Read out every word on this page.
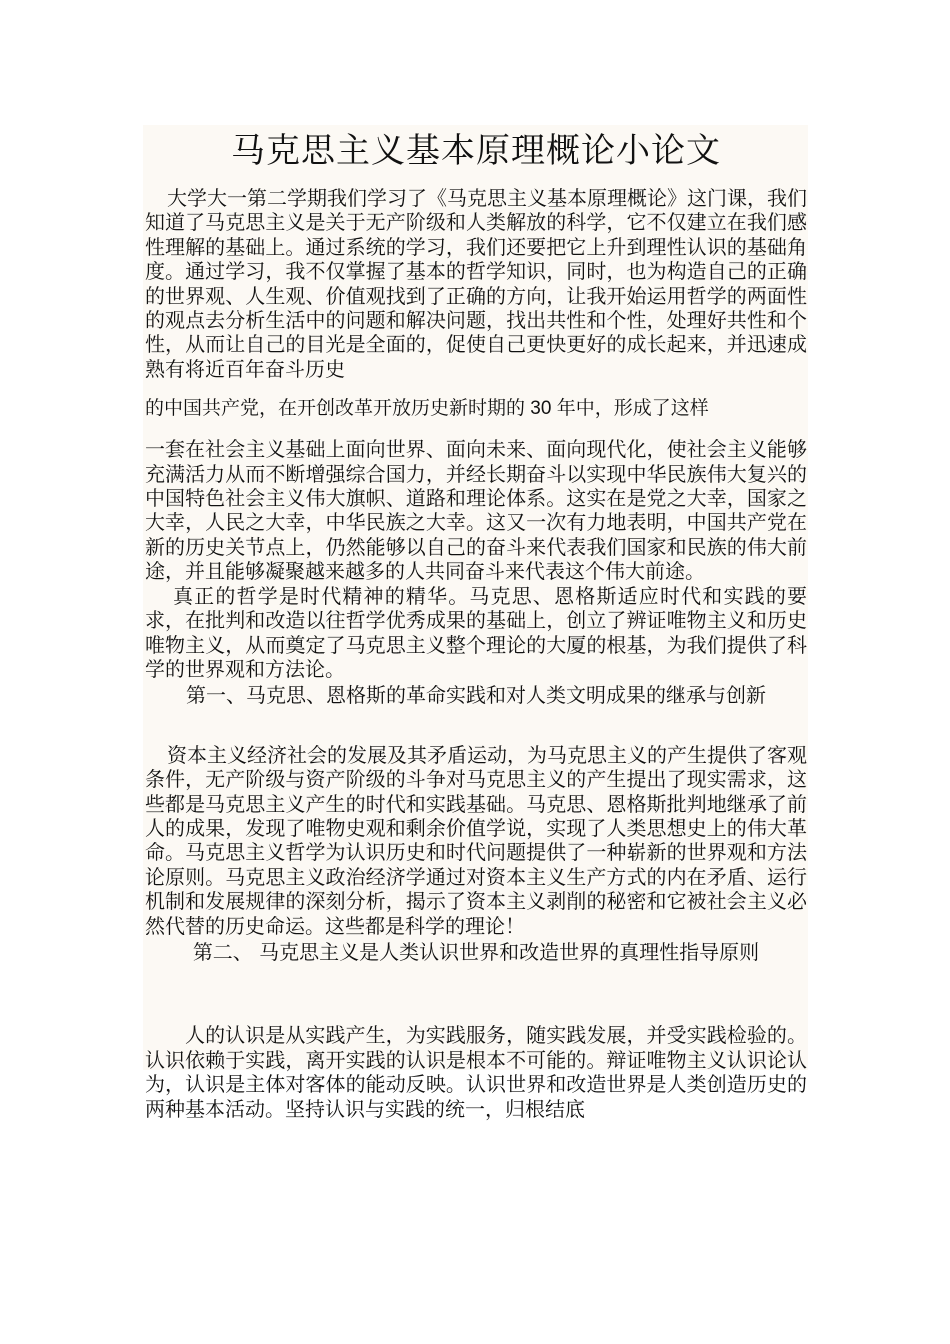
马克思主义基本原理概论小论文

大学大一第二学期我们学习了《马克思主义基本原理概论》这门课，我们知道了马克思主义是关于无产阶级和人类解放的科学，它不仅建立在我们感性理解的基础上。通过系统的学习，我们还要把它上升到理性认识的基础角度。通过学习，我不仅掌握了基本的哲学知识，同时，也为构造自己的正确的世界观、人生观、价值观找到了正确的方向，让我开始运用哲学的两面性的观点去分析生活中的问题和解决问题，找出共性和个性，处理好共性和个性，从而让自己的目光是全面的，促使自己更快更好的成长起来，并迅速成熟有将近百年奋斗历史

的中国共产党，在开创改革开放历史新时期的 30 年中，形成了这样

一套在社会主义基础上面向世界、面向未来、面向现代化，使社会主义能够充满活力从而不断增强综合国力，并经长期奋斗以实现中华民族伟大复兴的中国特色社会主义伟大旗帜、道路和理论体系。这实在是党之大幸，国家之大幸，人民之大幸，中华民族之大幸。这又一次有力地表明，中国共产党在新的历史关节点上，仍然能够以自己的奋斗来代表我们国家和民族的伟大前途，并且能够凝聚越来越多的人共同奋斗来代表这个伟大前途。

真正的哲学是时代精神的精华。马克思、恩格斯适应时代和实践的要求，在批判和改造以往哲学优秀成果的基础上，创立了辨证唯物主义和历史唯物主义，从而奠定了马克思主义整个理论的大厦的根基，为我们提供了科学的世界观和方法论。

第一、马克思、恩格斯的革命实践和对人类文明成果的继承与创新

资本主义经济社会的发展及其矛盾运动，为马克思主义的产生提供了客观条件，无产阶级与资产阶级的斗争对马克思主义的产生提出了现实需求，这些都是马克思主义产生的时代和实践基础。马克思、恩格斯批判地继承了前人的成果，发现了唯物史观和剩余价值学说，实现了人类思想史上的伟大革命。马克思主义哲学为认识历史和时代问题提供了一种崭新的世界观和方法论原则。马克思主义政治经济学通过对资本主义生产方式的内在矛盾、运行机制和发展规律的深刻分析，揭示了资本主义剥削的秘密和它被社会主义必然代替的历史命运。这些都是科学的理论！

第二、 马克思主义是人类认识世界和改造世界的真理性指导原则

人的认识是从实践产生，为实践服务，随实践发展，并受实践检验的。认识依赖于实践，离开实践的认识是根本不可能的。辩证唯物主义认识论认为，认识是主体对客体的能动反映。认识世界和改造世界是人类创造历史的两种基本活动。坚持认识与实践的统一，归根结底
